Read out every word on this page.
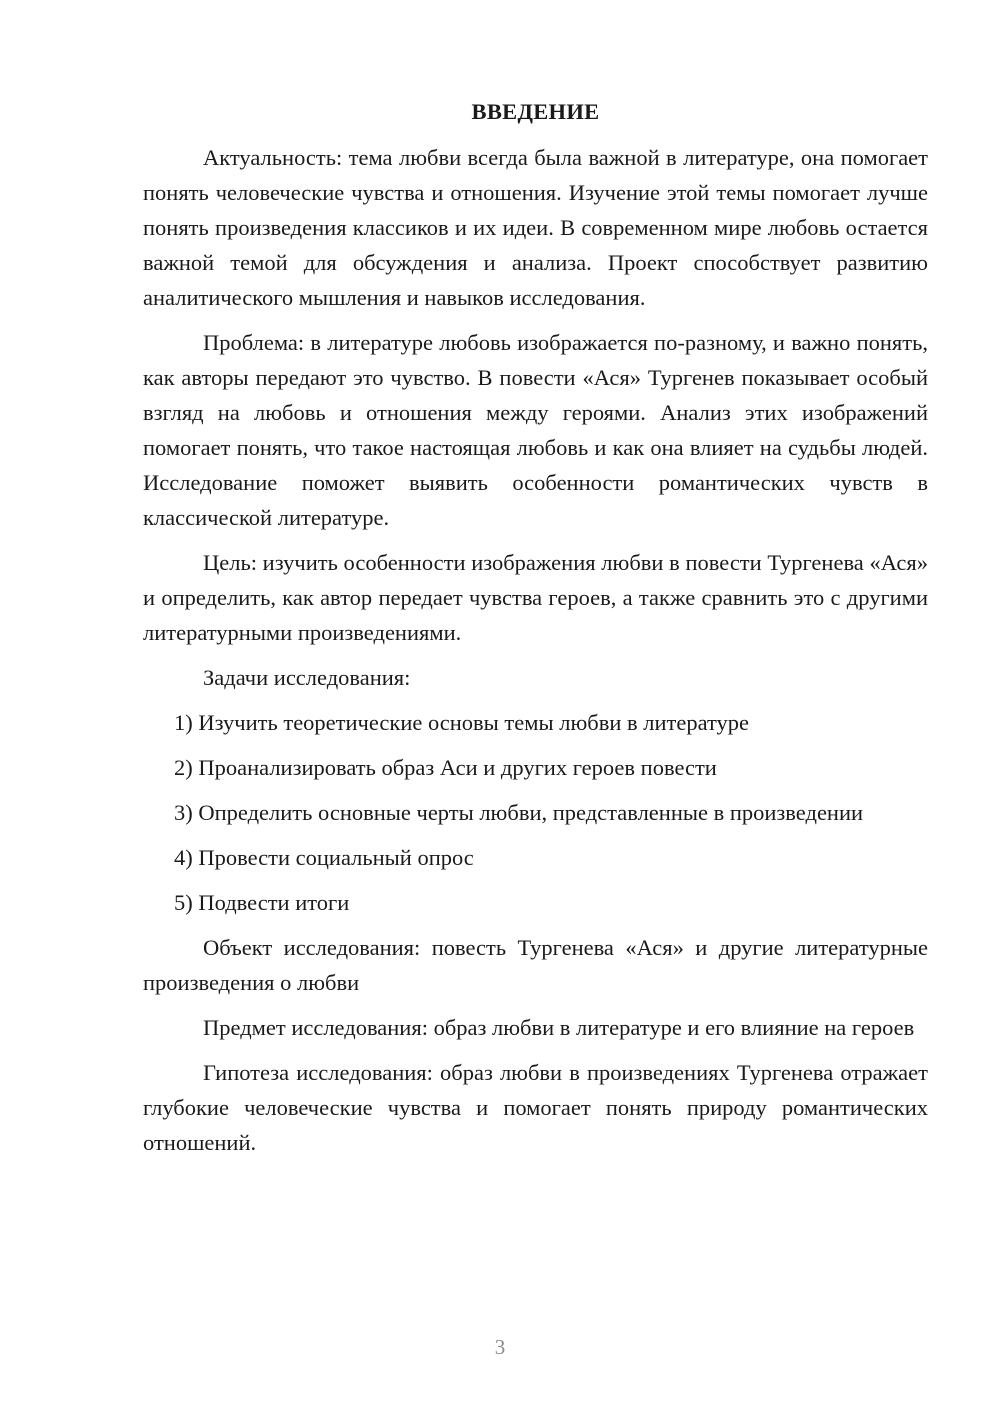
ВВЕДЕНИЕ

Актуальность: тема любви всегда была важной в литературе, она помогает понять человеческие чувства и отношения. Изучение этой темы помогает лучше понять произведения классиков и их идеи. В современном мире любовь остается важной темой для обсуждения и анализа. Проект способствует развитию аналитического мышления и навыков исследования.

Проблема: в литературе любовь изображается по-разному, и важно понять, как авторы передают это чувство. В повести «Ася» Тургенев показывает особый взгляд на любовь и отношения между героями. Анализ этих изображений помогает понять, что такое настоящая любовь и как она влияет на судьбы людей. Исследование поможет выявить особенности романтических чувств в классической литературе.

Цель: изучить особенности изображения любви в повести Тургенева «Ася» и определить, как автор передает чувства героев, а также сравнить это с другими литературными произведениями.

Задачи исследования:

1) Изучить теоретические основы темы любви в литературе

2) Проанализировать образ Аси и других героев повести

3) Определить основные черты любви, представленные в произведении

4) Провести социальный опрос

5) Подвести итоги

Объект исследования: повесть Тургенева «Ася» и другие литературные произведения о любви

Предмет исследования: образ любви в литературе и его влияние на героев

Гипотеза исследования: образ любви в произведениях Тургенева отражает глубокие человеческие чувства и помогает понять природу романтических отношений.

3
